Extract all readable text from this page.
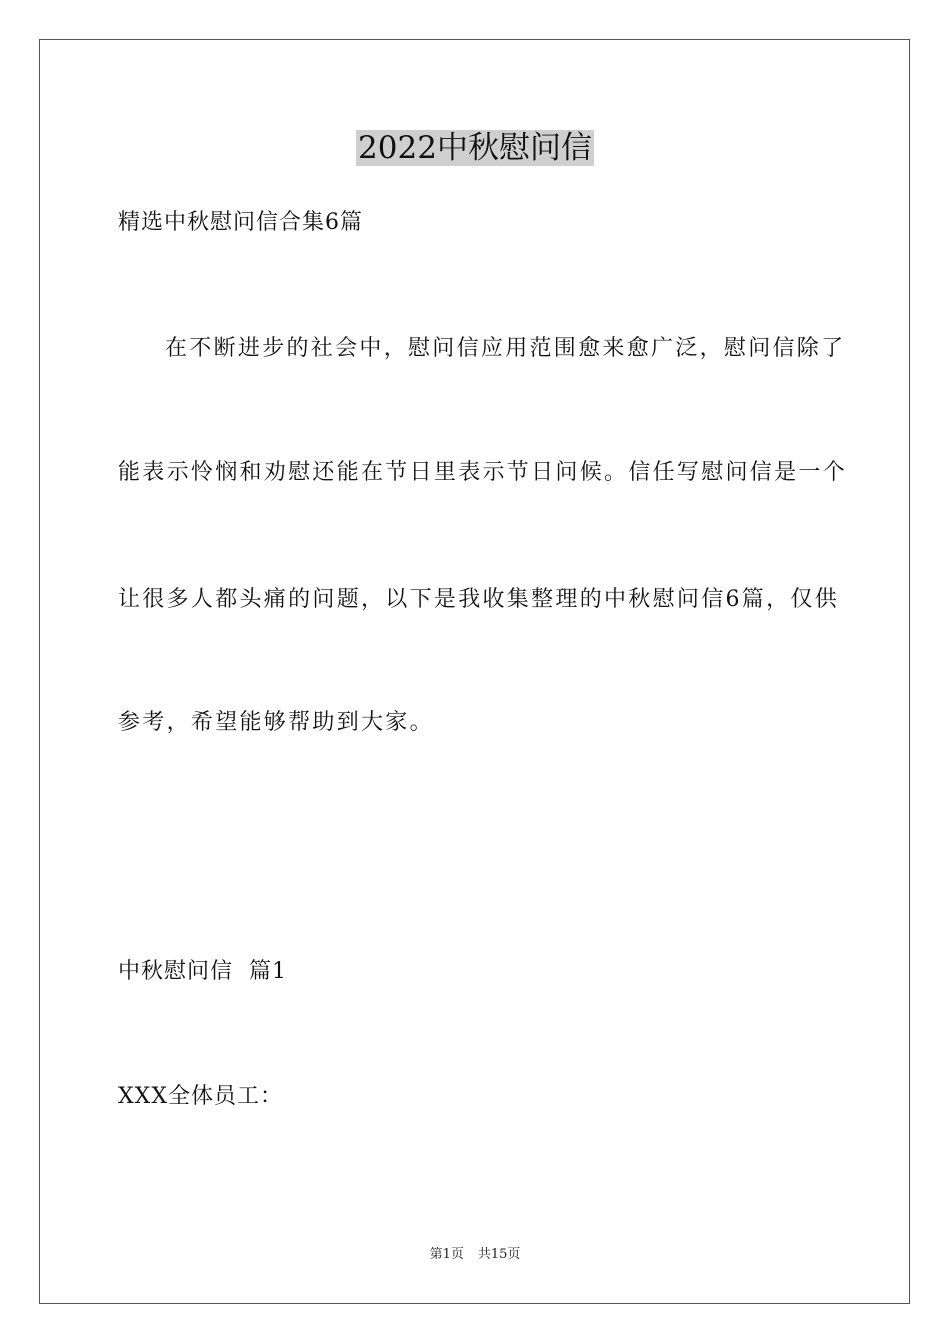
2022中秋慰问信

精选中秋慰问信合集6篇

在不断进步的社会中，慰问信应用范围愈来愈广泛，慰问信除了

能表示怜悯和劝慰还能在节日里表示节日问候。信任写慰问信是一个

让很多人都头痛的问题，以下是我收集整理的中秋慰问信6篇，仅供

参考，希望能够帮助到大家。

中秋慰问信  篇1

XXX全体员工：

第1页 共15页
